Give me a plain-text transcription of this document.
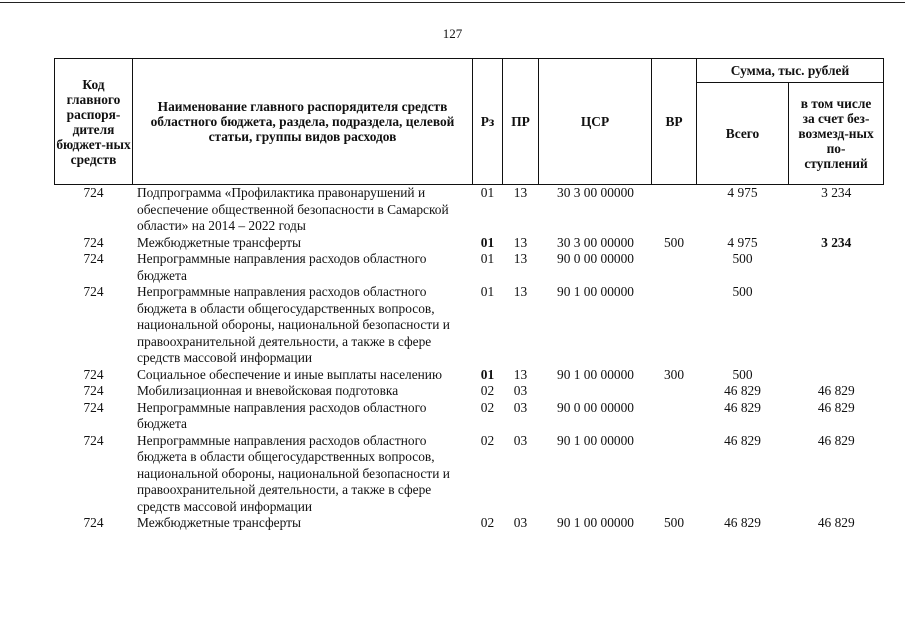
127
Код главного распоря-дителя бюджет-ных средств	Наименование главного распорядителя средств областного бюджета, раздела, подраздела, целевой статьи, группы видов расходов	Рз	ПР	ЦСР	ВР	Сумма, тыс. рублей	
						Всего	в том числе за счет без-возмезд-ных по-ступлений
724	Подпрограмма «Профилактика правонарушений и обеспечение общественной безопасности в Самарской области» на 2014 – 2022 годы	01	13	30 3 00 00000		4 975	3 234
724	Межбюджетные трансферты	01	13	30 3 00 00000	500	4 975	3 234
724	Непрограммные направления расходов областного бюджета	01	13	90 0 00 00000		500	
724	Непрограммные направления расходов областного бюджета в области общегосударственных вопросов, национальной обороны, национальной безопасности и правоохранительной деятельности, а также в сфере средств массовой информации	01	13	90 1 00 00000		500	
724	Социальное обеспечение и иные выплаты населению	01	13	90 1 00 00000	300	500	
724	Мобилизационная и вневойсковая подготовка	02	03			46 829	46 829
724	Непрограммные направления расходов областного бюджета	02	03	90 0 00 00000		46 829	46 829
724	Непрограммные направления расходов областного бюджета в области общегосударственных вопросов, национальной обороны, национальной безопасности и правоохранительной деятельности, а также в сфере средств массовой информации	02	03	90 1 00 00000		46 829	46 829
724	Межбюджетные трансферты	02	03	90 1 00 00000	500	46 829	46 829
